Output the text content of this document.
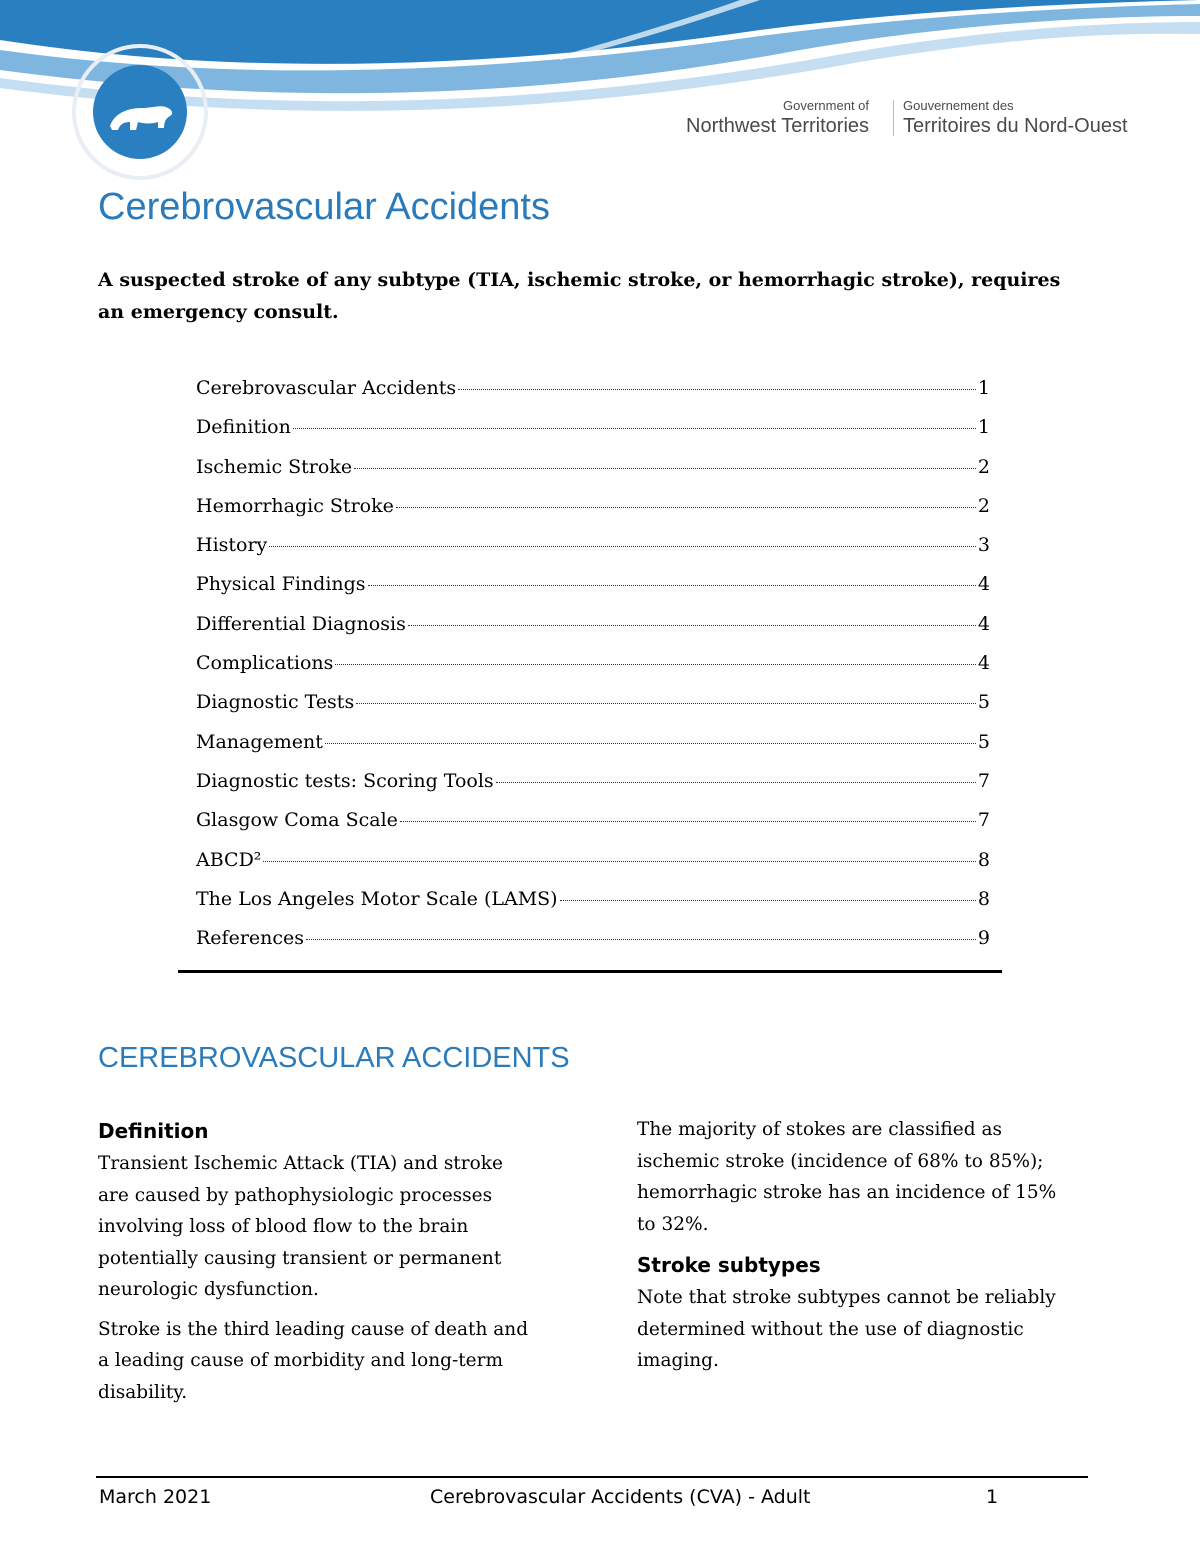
Government of
Northwest Territories
Gouvernement des
Territoires du Nord-Ouest
Cerebrovascular Accidents

A suspected stroke of any subtype (TIA, ischemic stroke, or hemorrhagic stroke), requires an emergency consult.

Cerebrovascular Accidents	1
Definition	1
Ischemic Stroke	2
Hemorrhagic Stroke	2
History	3
Physical Findings	4
Differential Diagnosis	4
Complications	4
Diagnostic Tests	5
Management	5
Diagnostic tests: Scoring Tools	7
Glasgow Coma Scale	7
ABCD²	8
The Los Angeles Motor Scale (LAMS)	8
References	9
CEREBROVASCULAR ACCIDENTS
Definition

Transient Ischemic Attack (TIA) and stroke are caused by pathophysiologic processes involving loss of blood flow to the brain potentially causing transient or permanent neurologic dysfunction.

Stroke is the third leading cause of death and a leading cause of morbidity and long-term disability.

The majority of stokes are classified as ischemic stroke (incidence of 68% to 85%); hemorrhagic stroke has an incidence of 15% to 32%.

Stroke subtypes

Note that stroke subtypes cannot be reliably determined without the use of diagnostic imaging.

March 2021	Cerebrovascular Accidents (CVA) - Adult	1
